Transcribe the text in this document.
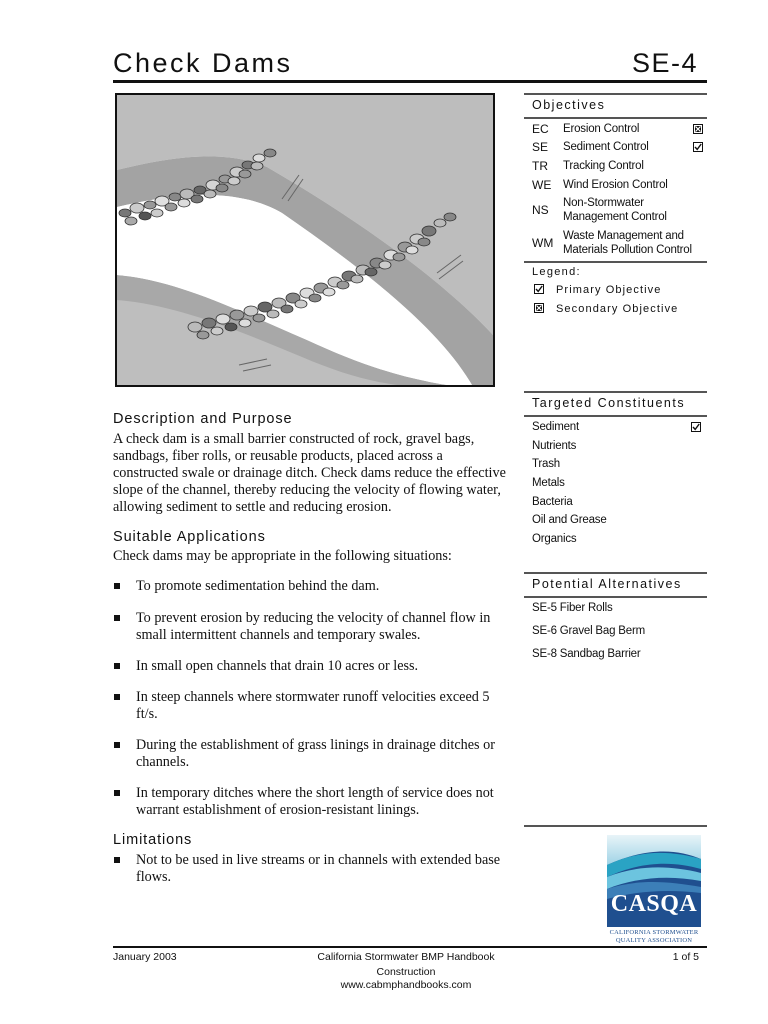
Check Dams	SE-4
Description and Purpose
A check dam is a small barrier constructed of rock, gravel bags, sandbags, fiber rolls, or reusable products, placed across a constructed swale or drainage ditch. Check dams reduce the effective slope of the channel, thereby reducing the velocity of flowing water, allowing sediment to settle and reducing erosion.
Suitable Applications
Check dams may be appropriate in the following situations:
To promote sedimentation behind the dam.
To prevent erosion by reducing the velocity of channel flow in small intermittent channels and temporary swales.
In small open channels that drain 10 acres or less.
In steep channels where stormwater runoff velocities exceed 5 ft/s.
During the establishment of grass linings in drainage ditches or channels.
In temporary ditches where the short length of service does not warrant establishment of erosion-resistant linings.
Limitations
Not to be used in live streams or in channels with extended base flows.
Objectives
EC Erosion Control
SE Sediment Control
TR Tracking Control
WE Wind Erosion Control
NS Non-Stormwater Management Control
WM Waste Management and Materials Pollution Control
Legend:
Primary Objective
Secondary Objective
Targeted Constituents
Sediment
Nutrients
Trash
Metals
Bacteria
Oil and Grease
Organics
Potential Alternatives
SE-5 Fiber Rolls
SE-6 Gravel Bag Berm
SE-8 Sandbag Barrier
CASQA
CALIFORNIA STORMWATER QUALITY ASSOCIATION
January 2003	California Stormwater BMP Handbook
Construction
www.cabmphandbooks.com
1 of 5
